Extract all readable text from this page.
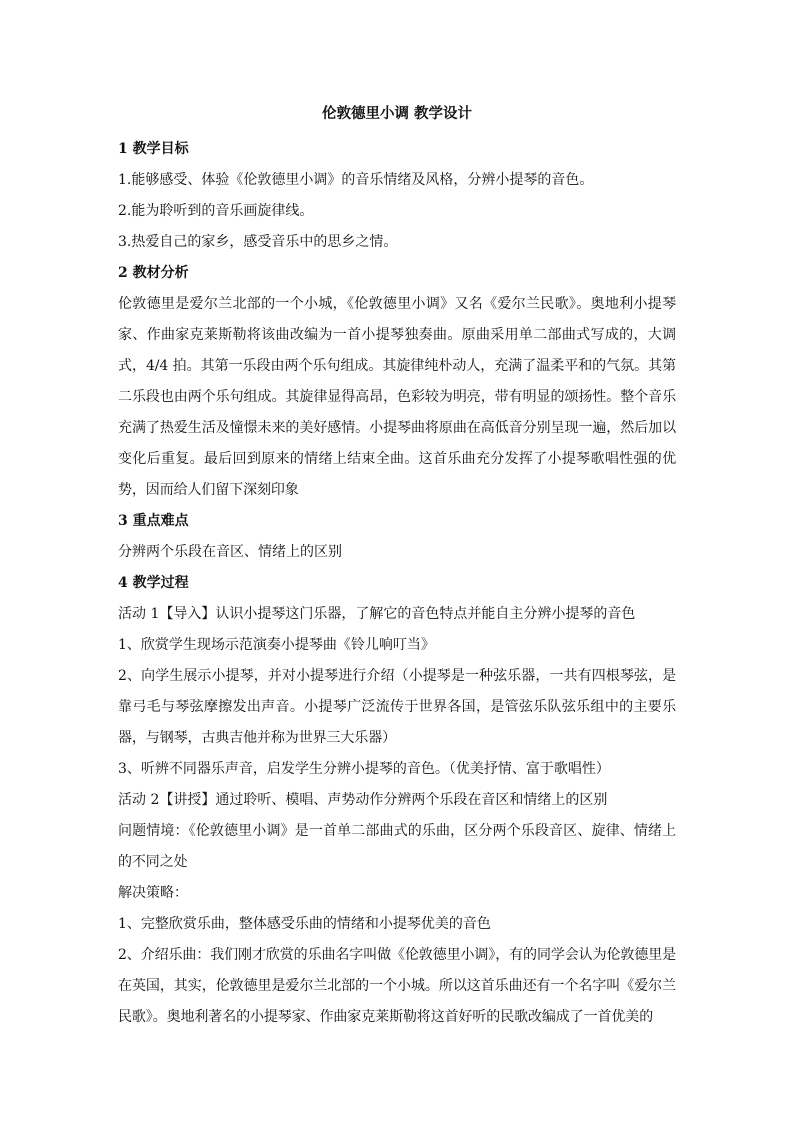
伦敦德里小调 教学设计
1 教学目标

1.能够感受、体验《伦敦德里小调》的音乐情绪及风格，分辨小提琴的音色。

2.能为聆听到的音乐画旋律线。

3.热爱自己的家乡，感受音乐中的思乡之情。

2 教材分析

伦敦德里是爱尔兰北部的一个小城，《伦敦德里小调》又名《爱尔兰民歌》。奥地利小提琴家、作曲家克莱斯勒将该曲改编为一首小提琴独奏曲。原曲采用单二部曲式写成的，大调式，4/4 拍。其第一乐段由两个乐句组成。其旋律纯朴动人，充满了温柔平和的气氛。其第二乐段也由两个乐句组成。其旋律显得高昂，色彩较为明亮，带有明显的颂扬性。整个音乐充满了热爱生活及憧憬未来的美好感情。小提琴曲将原曲在高低音分别呈现一遍，然后加以变化后重复。最后回到原来的情绪上结束全曲。这首乐曲充分发挥了小提琴歌唱性强的优势，因而给人们留下深刻印象

3 重点难点

分辨两个乐段在音区、情绪上的区别

4 教学过程

活动 1【导入】认识小提琴这门乐器，了解它的音色特点并能自主分辨小提琴的音色

1、欣赏学生现场示范演奏小提琴曲《铃儿响叮当》

2、向学生展示小提琴，并对小提琴进行介绍（小提琴是一种弦乐器，一共有四根琴弦，是靠弓毛与琴弦摩擦发出声音。小提琴广泛流传于世界各国，是管弦乐队弦乐组中的主要乐器，与钢琴，古典吉他并称为世界三大乐器）

3、听辨不同器乐声音，启发学生分辨小提琴的音色。（优美抒情、富于歌唱性）

活动 2【讲授】通过聆听、模唱、声势动作分辨两个乐段在音区和情绪上的区别

问题情境：《伦敦德里小调》是一首单二部曲式的乐曲，区分两个乐段音区、旋律、情绪上的不同之处

解决策略：

1、完整欣赏乐曲，整体感受乐曲的情绪和小提琴优美的音色

2、介绍乐曲：我们刚才欣赏的乐曲名字叫做《伦敦德里小调》，有的同学会认为伦敦德里是在英国，其实，伦敦德里是爱尔兰北部的一个小城。所以这首乐曲还有一个名字叫《爱尔兰民歌》。奥地利著名的小提琴家、作曲家克莱斯勒将这首好听的民歌改编成了一首优美的
